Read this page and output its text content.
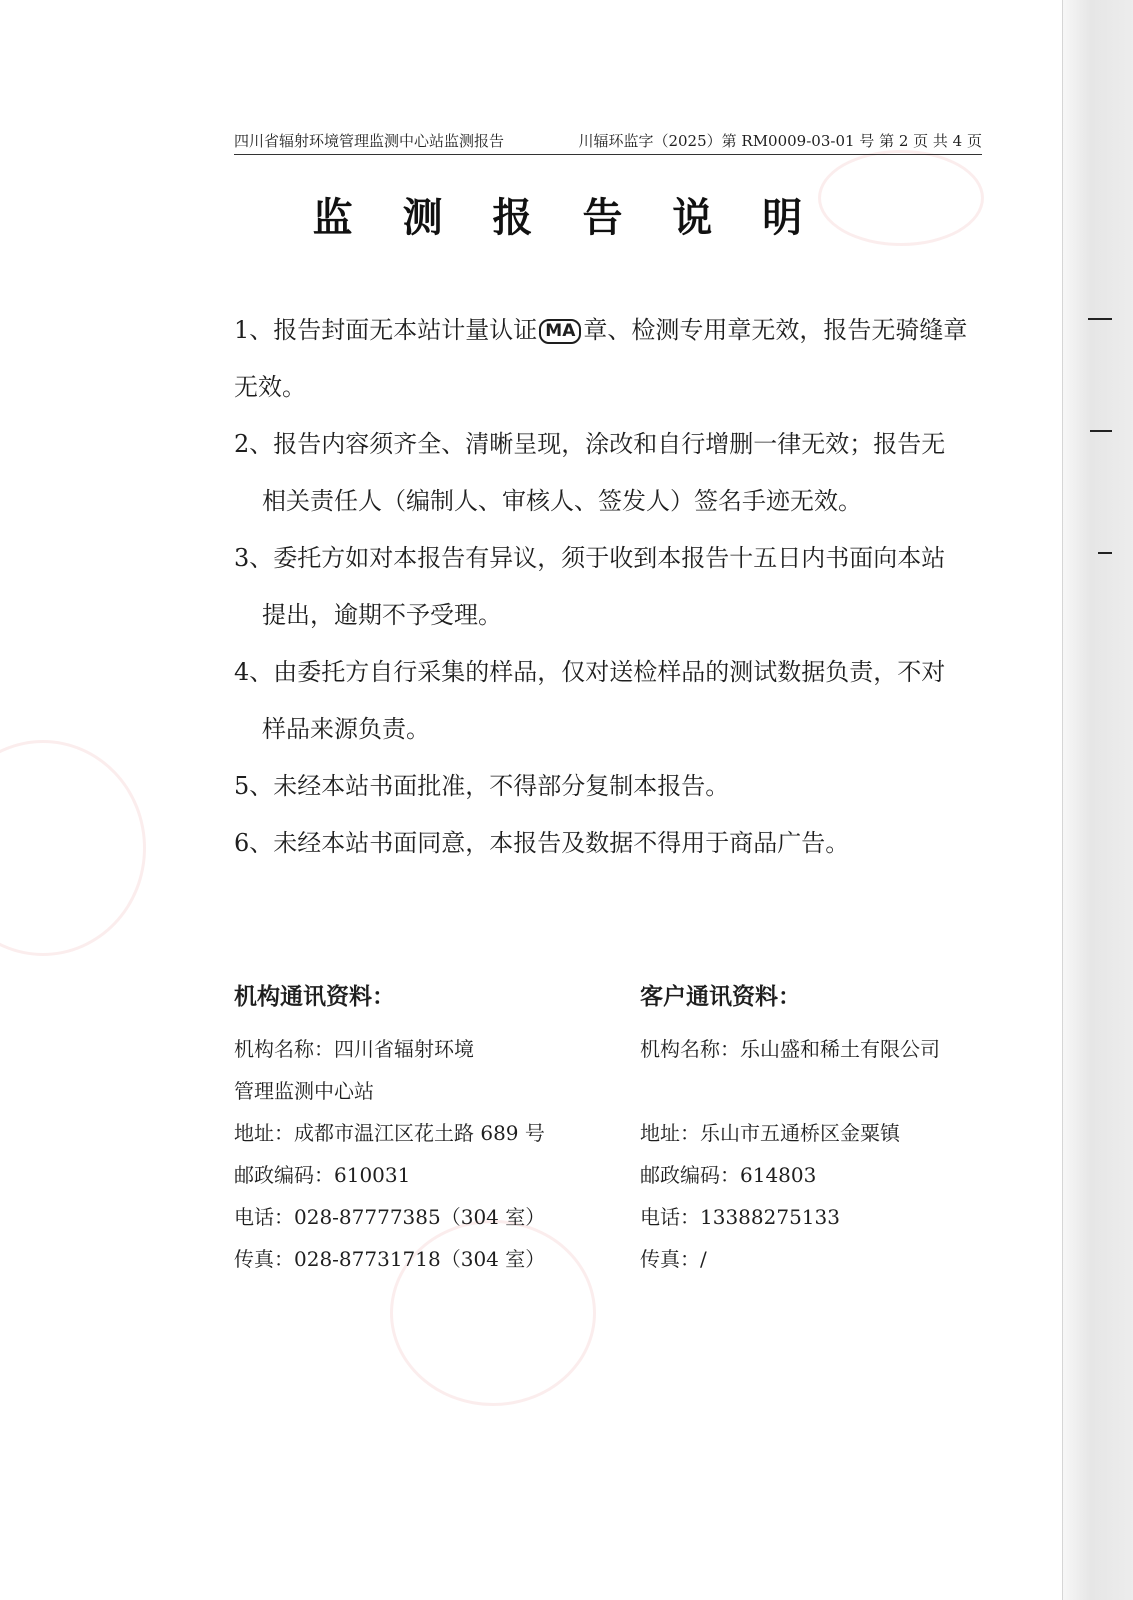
四川省辐射环境管理监测中心站监测报告	川辐环监字（2025）第 RM0009-03-01 号 第 2 页 共 4 页
监 测 报 告 说 明

1、报告封面无本站计量认证 MA 章、检测专用章无效，报告无骑缝章无效。

2、报告内容须齐全、清晰呈现，涂改和自行增删一律无效；报告无
相关责任人（编制人、审核人、签发人）签名手迹无效。

3、委托方如对本报告有异议，须于收到本报告十五日内书面向本站
提出，逾期不予受理。

4、由委托方自行采集的样品，仅对送检样品的测试数据负责，不对
样品来源负责。

5、未经本站书面批准，不得部分复制本报告。

6、未经本站书面同意，本报告及数据不得用于商品广告。

机构通讯资料：
机构名称：四川省辐射环境
管理监测中心站
地址：成都市温江区花土路 689 号
邮政编码：610031
电话：028-87777385（304 室）
传真：028-87731718（304 室）
客户通讯资料：
机构名称：乐山盛和稀土有限公司
地址：乐山市五通桥区金粟镇
邮政编码：614803
电话：13388275133
传真：/
